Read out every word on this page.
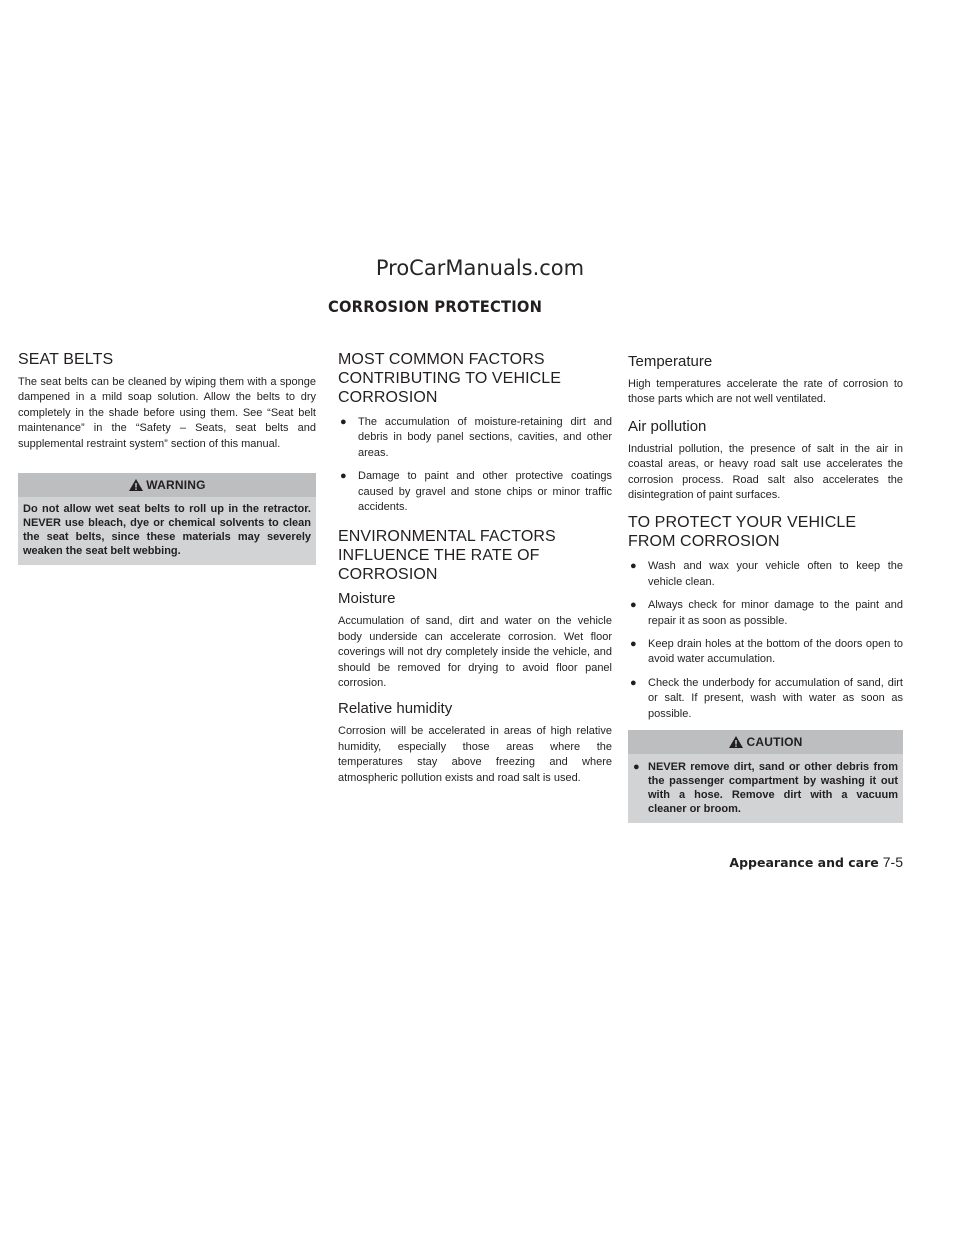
ProCarManuals.com
CORROSION PROTECTION
SEAT BELTS

The seat belts can be cleaned by wiping them with a sponge dampened in a mild soap solution. Allow the belts to dry completely in the shade before using them. See “Seat belt maintenance” in the “Safety – Seats, seat belts and supplemental restraint system” section of this manual.

WARNING
Do not allow wet seat belts to roll up in the retractor. NEVER use bleach, dye or chemical solvents to clean the seat belts, since these materials may severely weaken the seat belt webbing.
MOST COMMON FACTORS CONTRIBUTING TO VEHICLE CORROSION
● The accumulation of moisture-retaining dirt and debris in body panel sections, cavities, and other areas.
● Damage to paint and other protective coatings caused by gravel and stone chips or minor traffic accidents.
ENVIRONMENTAL FACTORS INFLUENCE THE RATE OF CORROSION
Moisture

Accumulation of sand, dirt and water on the vehicle body underside can accelerate corrosion. Wet floor coverings will not dry completely inside the vehicle, and should be removed for drying to avoid floor panel corrosion.

Relative humidity

Corrosion will be accelerated in areas of high relative humidity, especially those areas where the temperatures stay above freezing and where atmospheric pollution exists and road salt is used.

Temperature

High temperatures accelerate the rate of corrosion to those parts which are not well ventilated.

Air pollution

Industrial pollution, the presence of salt in the air in coastal areas, or heavy road salt use accelerates the corrosion process. Road salt also accelerates the disintegration of paint surfaces.

TO PROTECT YOUR VEHICLE FROM CORROSION
● Wash and wax your vehicle often to keep the vehicle clean.
● Always check for minor damage to the paint and repair it as soon as possible.
● Keep drain holes at the bottom of the doors open to avoid water accumulation.
● Check the underbody for accumulation of sand, dirt or salt. If present, wash with water as soon as possible.
CAUTION
● NEVER remove dirt, sand or other debris from the passenger compartment by washing it out with a hose. Remove dirt with a vacuum cleaner or broom.
Appearance and care 7-5
